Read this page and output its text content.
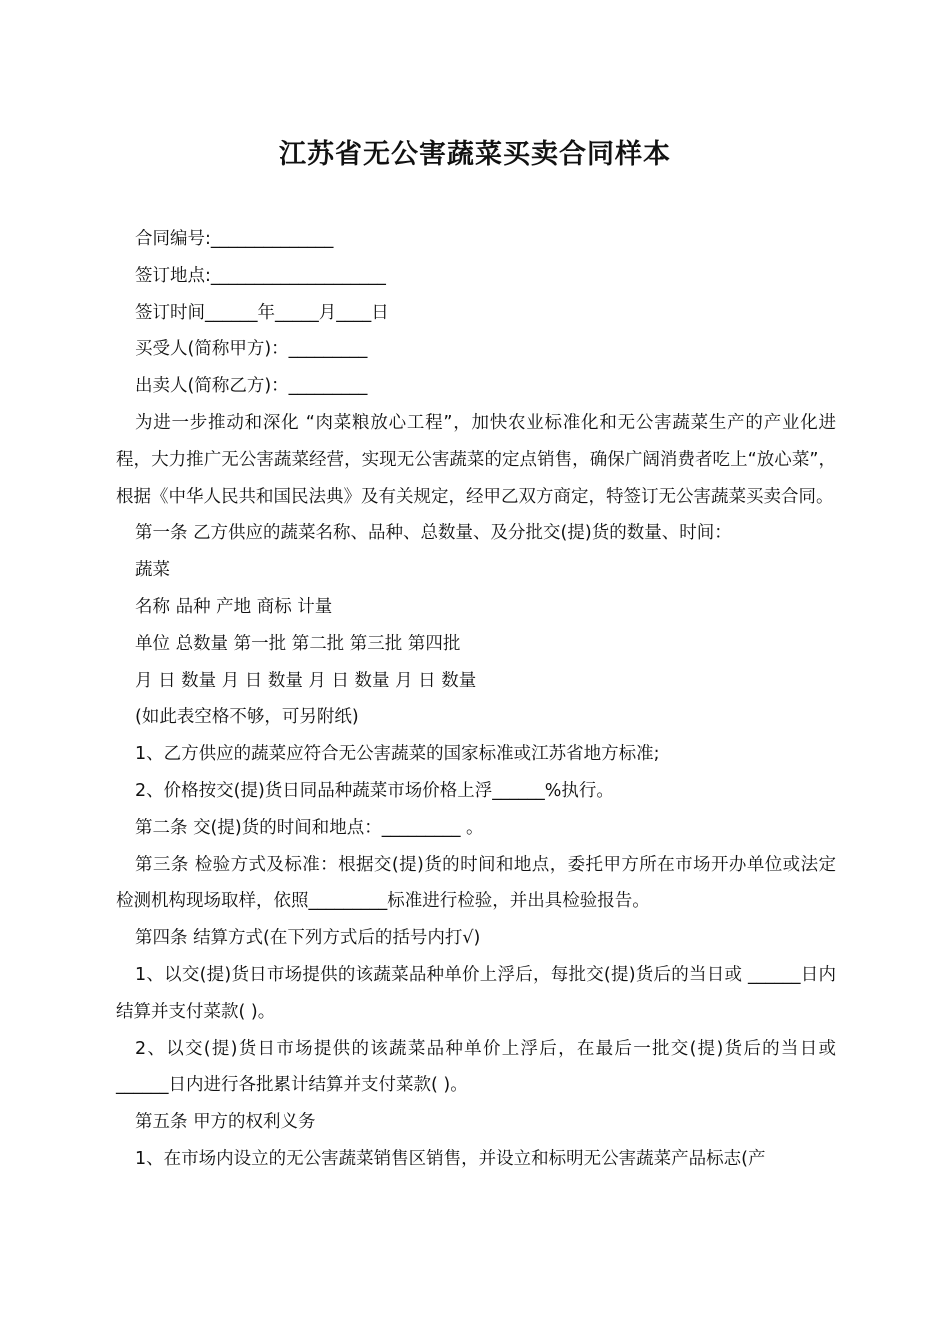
江苏省无公害蔬菜买卖合同样本

合同编号:______________

签订地点:____________________

签订时间______年_____月____日

买受人(简称甲方)：_________

出卖人(简称乙方)：_________

为进一步推动和深化 “肉菜粮放心工程”，加快农业标准化和无公害蔬菜生产的产业化进程，大力推广无公害蔬菜经营，实现无公害蔬菜的定点销售，确保广阔消费者吃上“放心菜”，根据《中华人民共和国民法典》及有关规定，经甲乙双方商定，特签订无公害蔬菜买卖合同。

第一条 乙方供应的蔬菜名称、品种、总数量、及分批交(提)货的数量、时间：

蔬菜

名称 品种 产地 商标 计量

单位 总数量 第一批 第二批 第三批 第四批

月 日 数量 月 日 数量 月 日 数量 月 日 数量

(如此表空格不够，可另附纸)

1、乙方供应的蔬菜应符合无公害蔬菜的国家标准或江苏省地方标准;

2、价格按交(提)货日同品种蔬菜市场价格上浮______%执行。

第二条 交(提)货的时间和地点：_________ 。

第三条 检验方式及标准：根据交(提)货的时间和地点，委托甲方所在市场开办单位或法定检测机构现场取样，依照_________标准进行检验，并出具检验报告。

第四条 结算方式(在下列方式后的括号内打√)

1、以交(提)货日市场提供的该蔬菜品种单价上浮后，每批交(提)货后的当日或 ______日内结算并支付菜款( )。

2、以交(提)货日市场提供的该蔬菜品种单价上浮后，在最后一批交(提)货后的当日或______日内进行各批累计结算并支付菜款( )。

第五条 甲方的权利义务

1、在市场内设立的无公害蔬菜销售区销售，并设立和标明无公害蔬菜产品标志(产
